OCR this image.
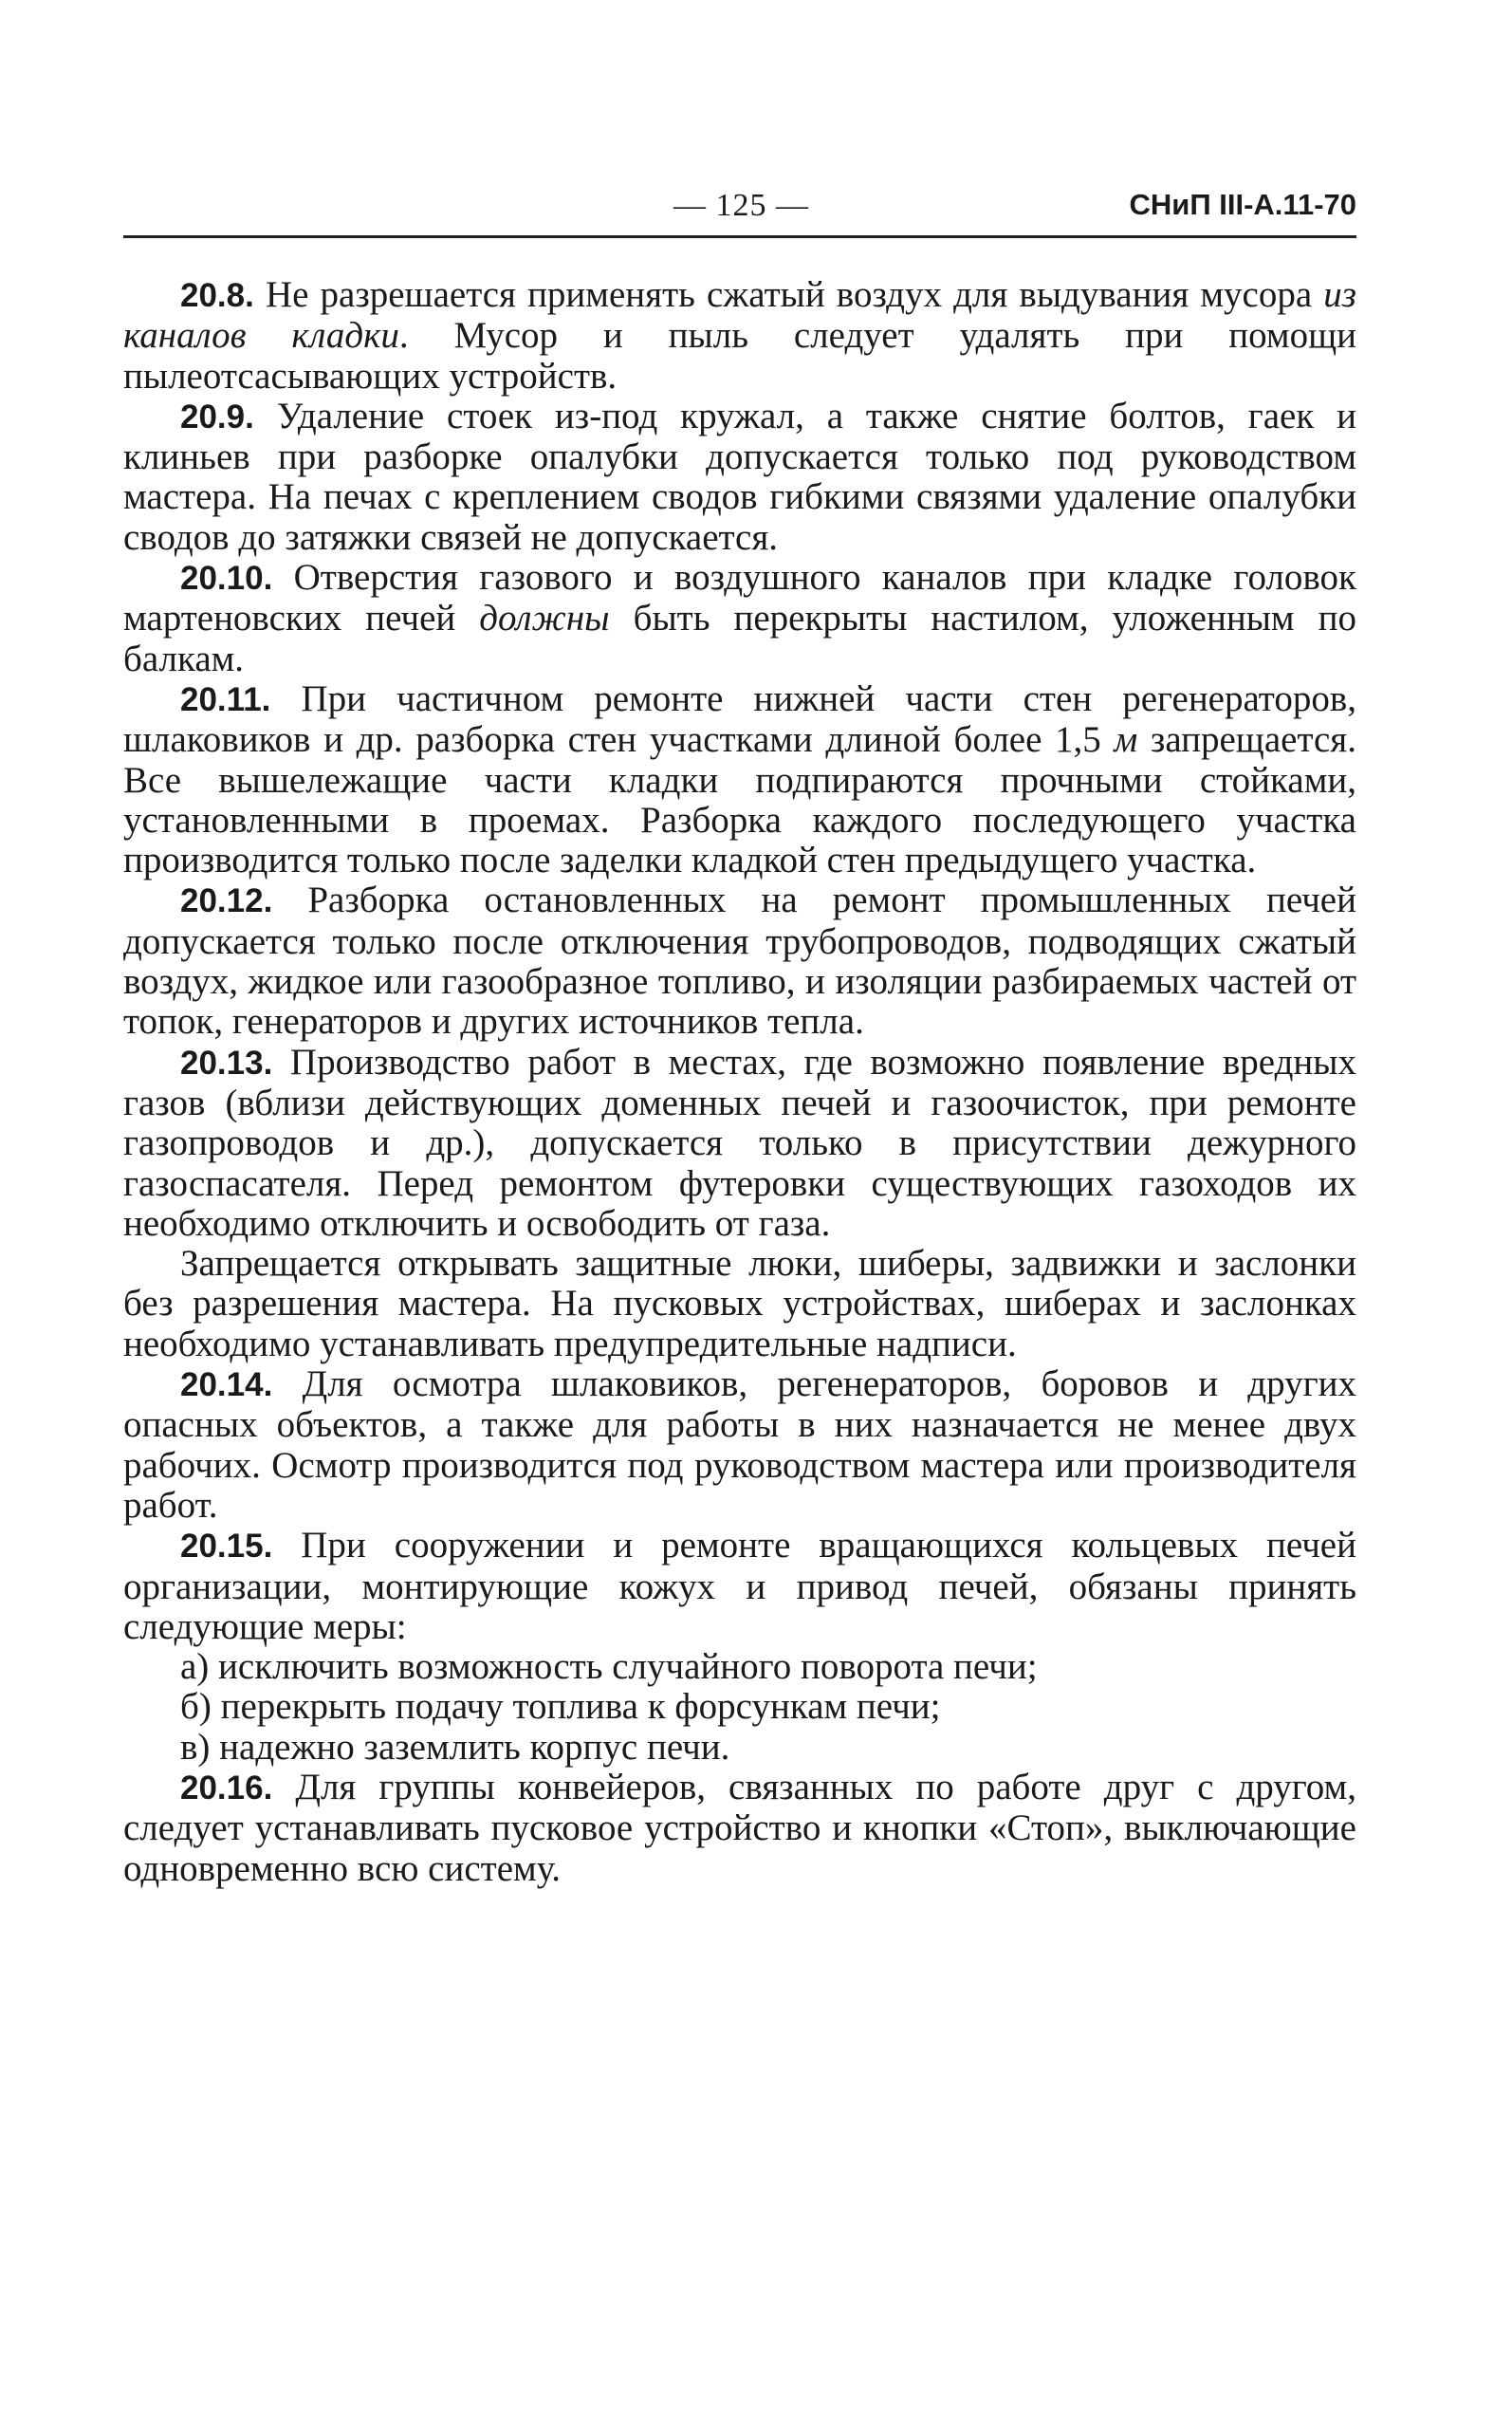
— 125 —	СНиП III-А.11-70

20.8. Не разрешается применять сжатый воздух для выдувания мусора из каналов кладки. Мусор и пыль следует удалять при помощи пылеотсасывающих устройств.

20.9. Удаление стоек из-под кружал, а также снятие болтов, гаек и клиньев при разборке опалубки допускается только под руководством мастера. На печах с креплением сводов гибкими связями удаление опалубки сводов до затяжки связей не допускается.

20.10. Отверстия газового и воздушного каналов при кладке головок мартеновских печей должны быть перекрыты настилом, уложенным по балкам.

20.11. При частичном ремонте нижней части стен регенераторов, шлаковиков и др. разборка стен участками длиной более 1,5 м запрещается. Все вышележащие части кладки подпираются прочными стойками, установленными в проемах. Разборка каждого последующего участка производится только после заделки кладкой стен предыдущего участка.

20.12. Разборка остановленных на ремонт промышленных печей допускается только после отключения трубопроводов, подводящих сжатый воздух, жидкое или газообразное топливо, и изоляции разбираемых частей от топок, генераторов и других источников тепла.

20.13. Производство работ в местах, где возможно появление вредных газов (вблизи действующих доменных печей и газоочисток, при ремонте газопроводов и др.), допускается только в присутствии дежурного газоспасателя. Перед ремонтом футеровки существующих газоходов их необходимо отключить и освободить от газа.

Запрещается открывать защитные люки, шиберы, задвижки и заслонки без разрешения мастера. На пусковых устройствах, шиберах и заслонках необходимо устанавливать предупредительные надписи.

20.14. Для осмотра шлаковиков, регенераторов, боровов и других опасных объектов, а также для работы в них назначается не менее двух рабочих. Осмотр производится под руководством мастера или производителя работ.

20.15. При сооружении и ремонте вращающихся кольцевых печей организации, монтирующие кожух и привод печей, обязаны принять следующие меры:

а) исключить возможность случайного поворота печи;

б) перекрыть подачу топлива к форсункам печи;

в) надежно заземлить корпус печи.

20.16. Для группы конвейеров, связанных по работе друг с другом, следует устанавливать пусковое устройство и кнопки «Стоп», выключающие одновременно всю систему.
